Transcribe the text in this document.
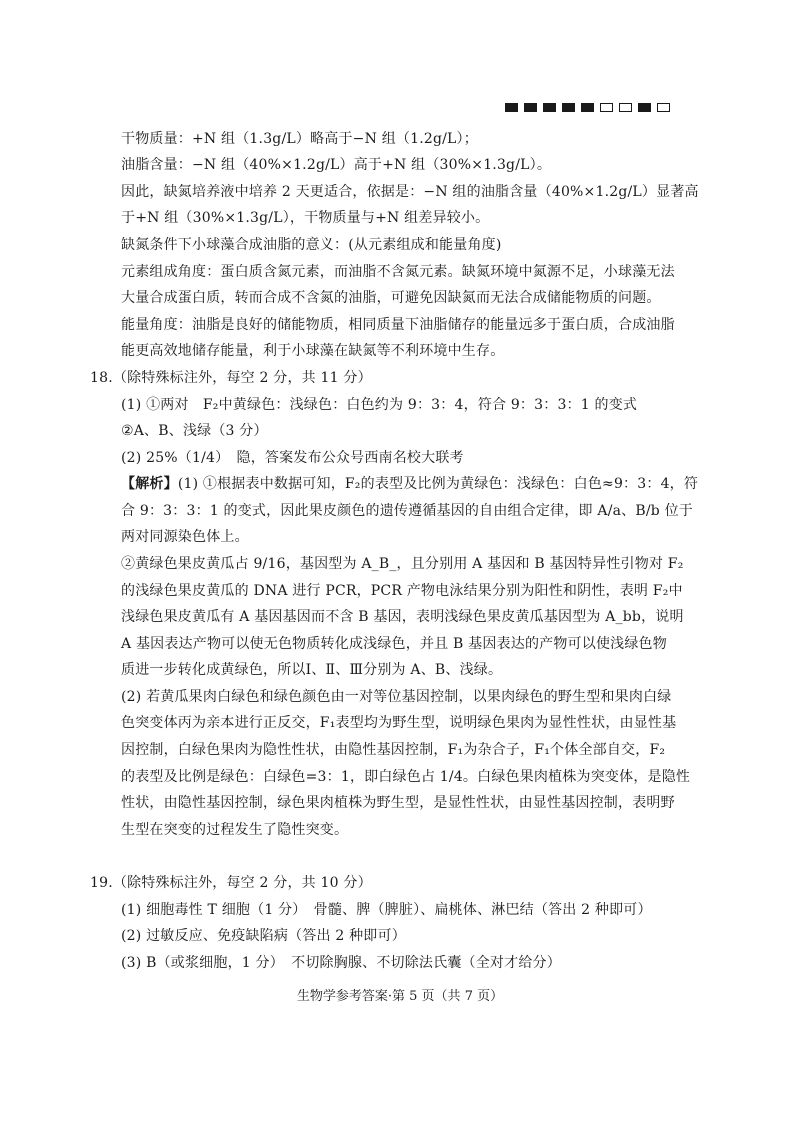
干物质量：+N 组（1.3g/L）略高于−N 组（1.2g/L）；
油脂含量：−N 组（40%×1.2g/L）高于+N 组（30%×1.3g/L）。
因此，缺氮培养液中培养 2 天更适合，依据是：−N 组的油脂含量（40%×1.2g/L）显著高
于+N 组（30%×1.3g/L），干物质量与+N 组差异较小。
缺氮条件下小球藻合成油脂的意义：(从元素组成和能量角度)
元素组成角度：蛋白质含氮元素，而油脂不含氮元素。缺氮环境中氮源不足，小球藻无法
大量合成蛋白质，转而合成不含氮的油脂，可避免因缺氮而无法合成储能物质的问题。
能量角度：油脂是良好的储能物质，相同质量下油脂储存的能量远多于蛋白质，合成油脂
能更高效地储存能量，利于小球藻在缺氮等不利环境中生存。
18.（除特殊标注外，每空 2 分，共 11 分）
(1) ①两对　F₂中黄绿色：浅绿色：白色约为 9：3：4，符合 9：3：3：1 的变式
②A、B、浅绿（3 分）
(2) 25%（1/4）　隐，答案发布公众号西南名校大联考
【解析】(1) ①根据表中数据可知，F₂的表型及比例为黄绿色：浅绿色：白色≈9：3：4，符
合 9：3：3：1 的变式，因此果皮颜色的遗传遵循基因的自由组合定律，即 A/a、B/b 位于
两对同源染色体上。
②黄绿色果皮黄瓜占 9/16，基因型为 A_B_，且分别用 A 基因和 B 基因特异性引物对 F₂
的浅绿色果皮黄瓜的 DNA 进行 PCR，PCR 产物电泳结果分别为阳性和阴性，表明 F₂中
浅绿色果皮黄瓜有 A 基因基因而不含 B 基因，表明浅绿色果皮黄瓜基因型为 A_bb，说明
A 基因表达产物可以使无色物质转化成浅绿色，并且 B 基因表达的产物可以使浅绿色物
质进一步转化成黄绿色，所以Ⅰ、Ⅱ、Ⅲ分别为 A、B、浅绿。
(2) 若黄瓜果肉白绿色和绿色颜色由一对等位基因控制，以果肉绿色的野生型和果肉白绿
色突变体丙为亲本进行正反交，F₁表型均为野生型，说明绿色果肉为显性性状，由显性基
因控制，白绿色果肉为隐性性状，由隐性基因控制，F₁为杂合子，F₁个体全部自交，F₂
的表型及比例是绿色：白绿色=3：1，即白绿色占 1/4。白绿色果肉植株为突变体，是隐性
性状，由隐性基因控制，绿色果肉植株为野生型，是显性性状，由显性基因控制，表明野
生型在突变的过程发生了隐性突变。
19.（除特殊标注外，每空 2 分，共 10 分）
(1) 细胞毒性 T 细胞（1 分）　骨髓、脾（脾脏）、扁桃体、淋巴结（答出 2 种即可）
(2) 过敏反应、免疫缺陷病（答出 2 种即可）
(3) B（或浆细胞，1 分）　不切除胸腺、不切除法氏囊（全对才给分）
生物学参考答案·第 5 页（共 7 页）
